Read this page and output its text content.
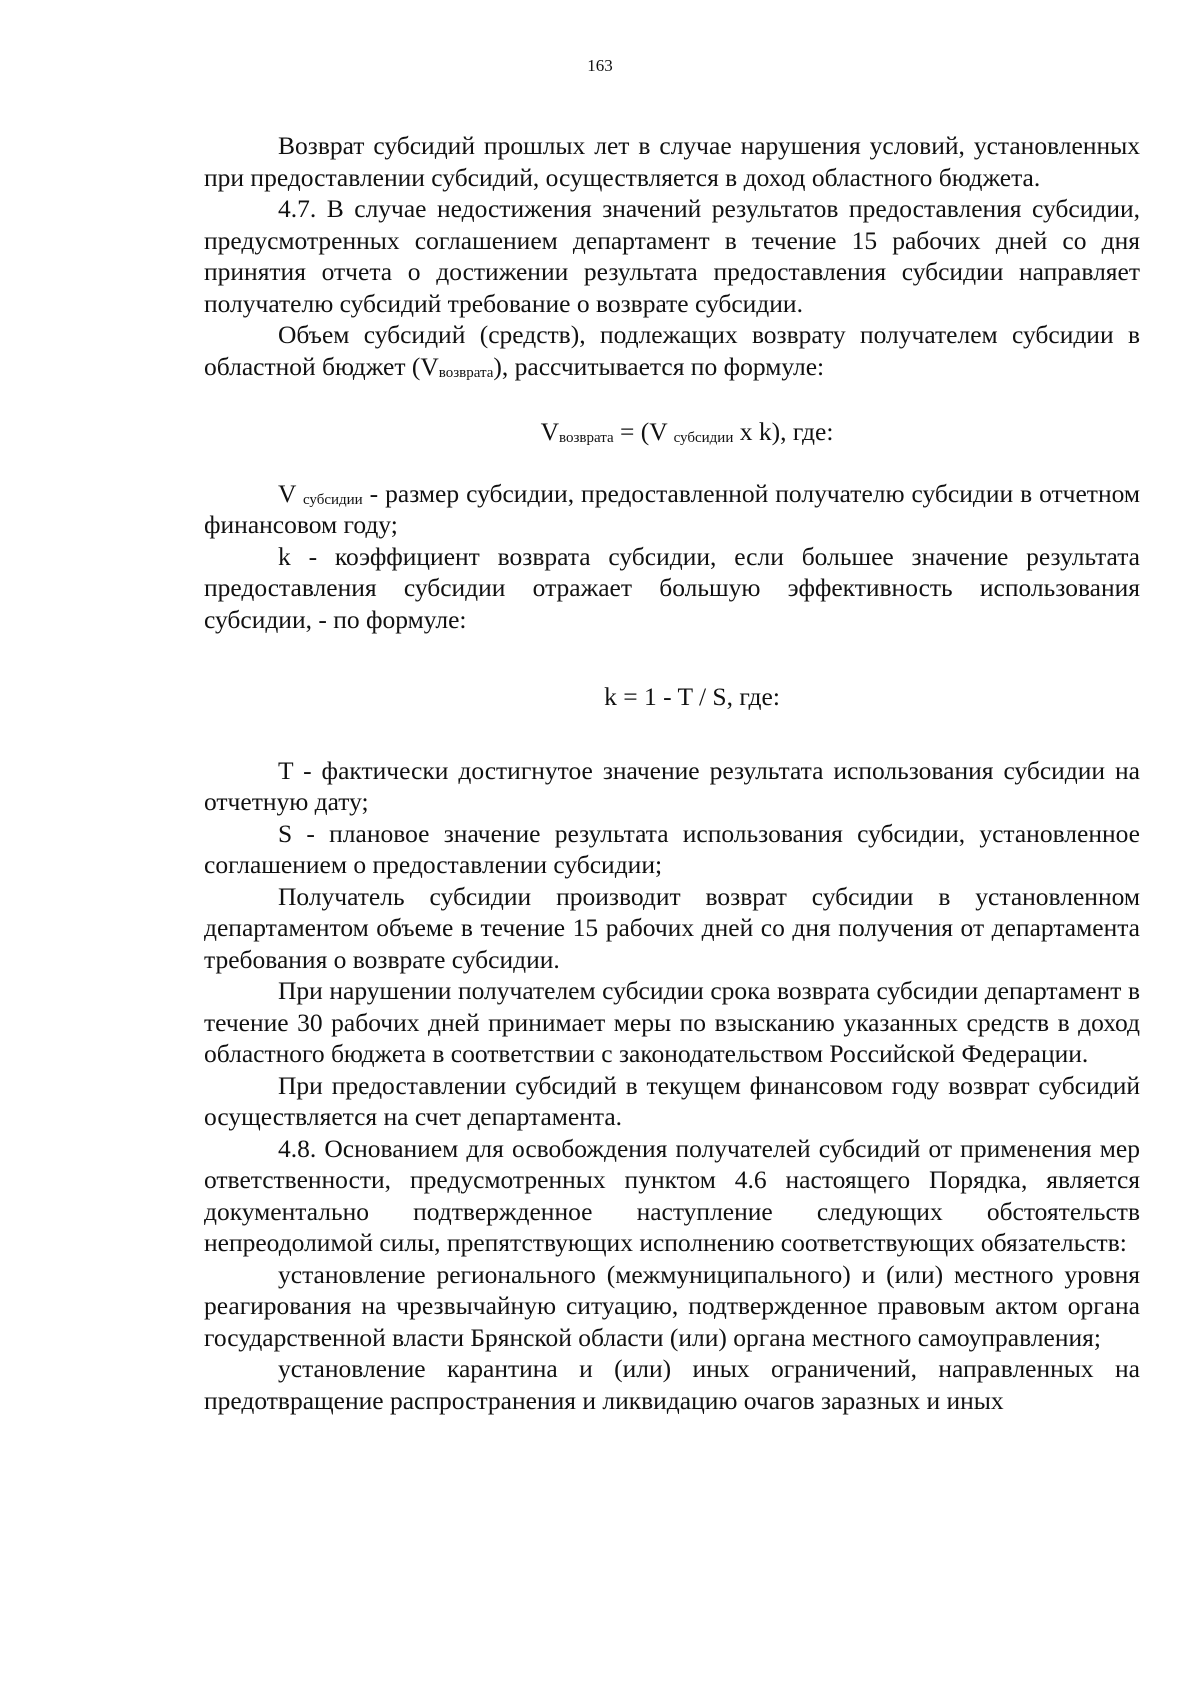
163

Возврат субсидий прошлых лет в случае нарушения условий, установленных при предоставлении субсидий, осуществляется в доход областного бюджета.

4.7. В случае недостижения значений результатов предоставления субсидии, предусмотренных соглашением департамент в течение 15 рабочих дней со дня принятия отчета о достижении результата предоставления субсидии направляет получателю субсидий требование о возврате субсидии.

Объем субсидий (средств), подлежащих возврату получателем субсидии в областной бюджет $(V_{возврата})$, рассчитывается по формуле:

$V_{возврата} = (V$ $_{субсидии}$ х k), где:

V $_{субсидии}$ - размер субсидии, предоставленной получателю субсидии в отчетном финансовом году;

k - коэффициент возврата субсидии, если большее значение результата предоставления субсидии отражает большую эффективность использования субсидии, - по формуле:

k = 1 - T / S, где:

T - фактически достигнутое значение результата использования субсидии на отчетную дату;

S - плановое значение результата использования субсидии, установленное соглашением о предоставлении субсидии;

Получатель субсидии производит возврат субсидии в установленном департаментом объеме в течение 15 рабочих дней со дня получения от департамента требования о возврате субсидии.

При нарушении получателем субсидии срока возврата субсидии департамент в течение 30 рабочих дней принимает меры по взысканию указанных средств в доход областного бюджета в соответствии с законодательством Российской Федерации.

При предоставлении субсидий в текущем финансовом году возврат субсидий осуществляется на счет департамента.

4.8. Основанием для освобождения получателей субсидий от применения мер ответственности, предусмотренных пунктом 4.6 настоящего Порядка, является документально подтвержденное наступление следующих обстоятельств непреодолимой силы, препятствующих исполнению соответствующих обязательств:

установление регионального (межмуниципального) и (или) местного уровня реагирования на чрезвычайную ситуацию, подтвержденное правовым актом органа государственной власти Брянской области (или) органа местного самоуправления;

установление карантина и (или) иных ограничений, направленных на предотвращение распространения и ликвидацию очагов заразных и иных
